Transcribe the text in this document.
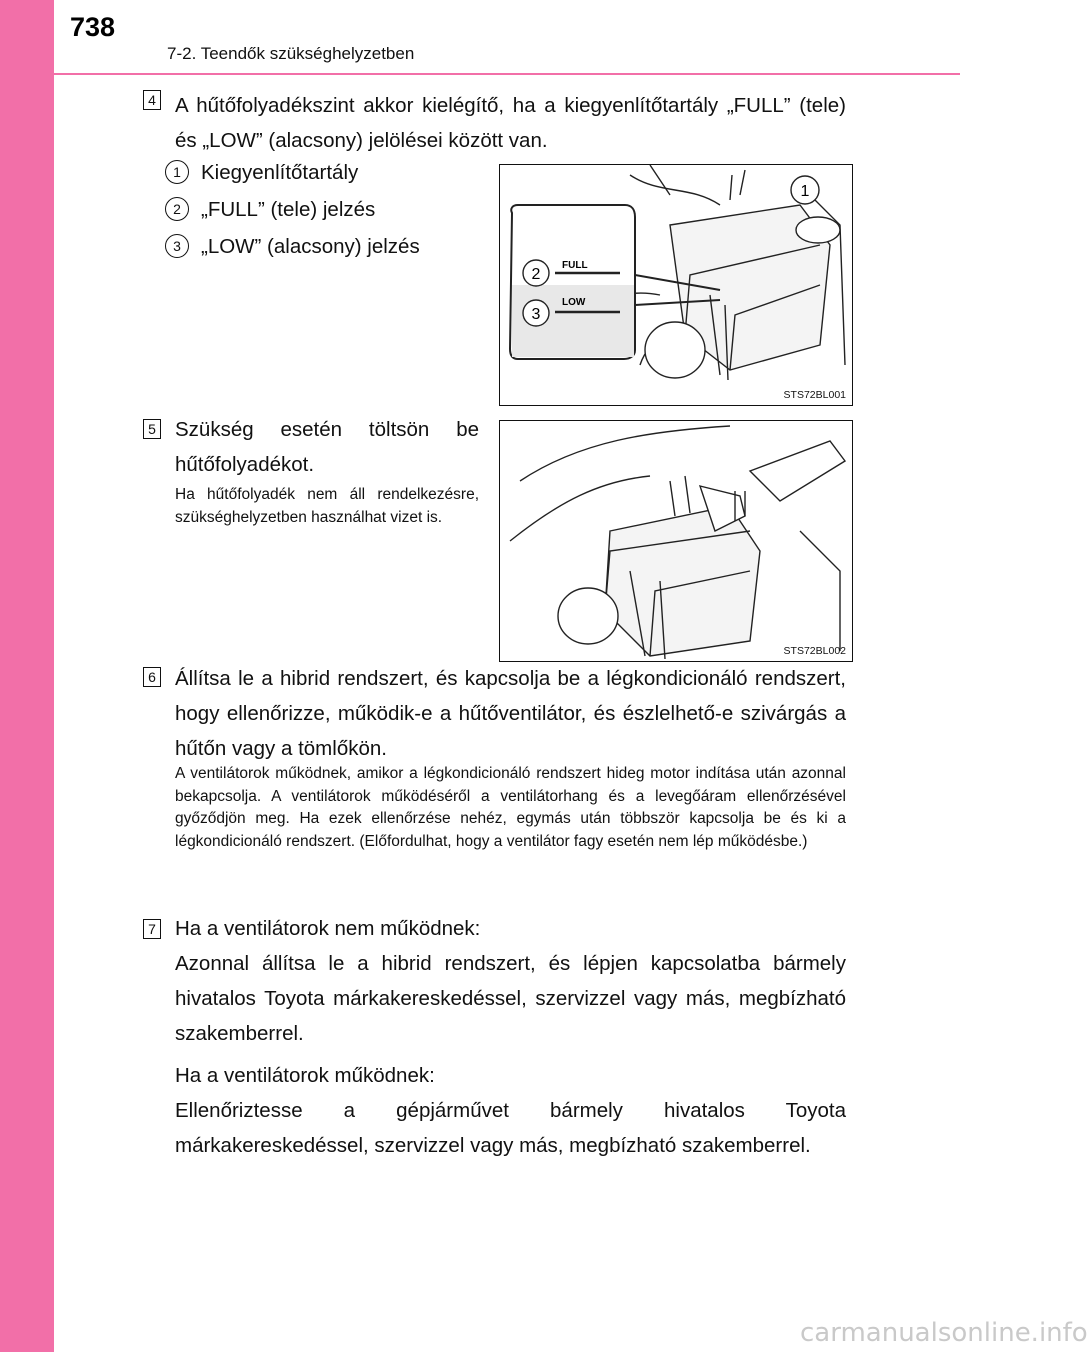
738
7-2. Teendők szükséghelyzetben
4 A hűtőfolyadékszint akkor kielégítő, ha a kiegyenlítőtartály „FULL” (tele) és „LOW” (alacsony) jelölései között van.
1 Kiegyenlítőtartály
2 „FULL” (tele) jelzés
3 „LOW” (alacsony) jelzés
FULL
LOW
1
2
3
STS72BL001
5 Szükség esetén töltsön be hűtőfolyadékot.
Ha hűtőfolyadék nem áll rendelkezésre, szükséghelyzetben használhat vizet is.
STS72BL002
6 Állítsa le a hibrid rendszert, és kapcsolja be a légkondicionáló rendszert, hogy ellenőrizze, működik-e a hűtőventilátor, és észlelhető-e szivárgás a hűtőn vagy a tömlőkön.
A ventilátorok működnek, amikor a légkondicionáló rendszert hideg motor indítása után azonnal bekapcsolja. A ventilátorok működéséről a ventilátorhang és a levegőáram ellenőrzésével győződjön meg. Ha ezek ellenőrzése nehéz, egymás után többször kapcsolja be és ki a légkondicionáló rendszert. (Előfordulhat, hogy a ventilátor fagy esetén nem lép működésbe.)
7 Ha a ventilátorok nem működnek:

Azonnal állítsa le a hibrid rendszert, és lépjen kapcsolatba bármely hivatalos Toyota márkakereskedéssel, szervizzel vagy más, megbízható szakemberrel.

Ha a ventilátorok működnek:

Ellenőriztesse a gépjárművet bármely hivatalos Toyota márkakereskedéssel, szervizzel vagy más, megbízható szakemberrel.

carmanualsonline.info
